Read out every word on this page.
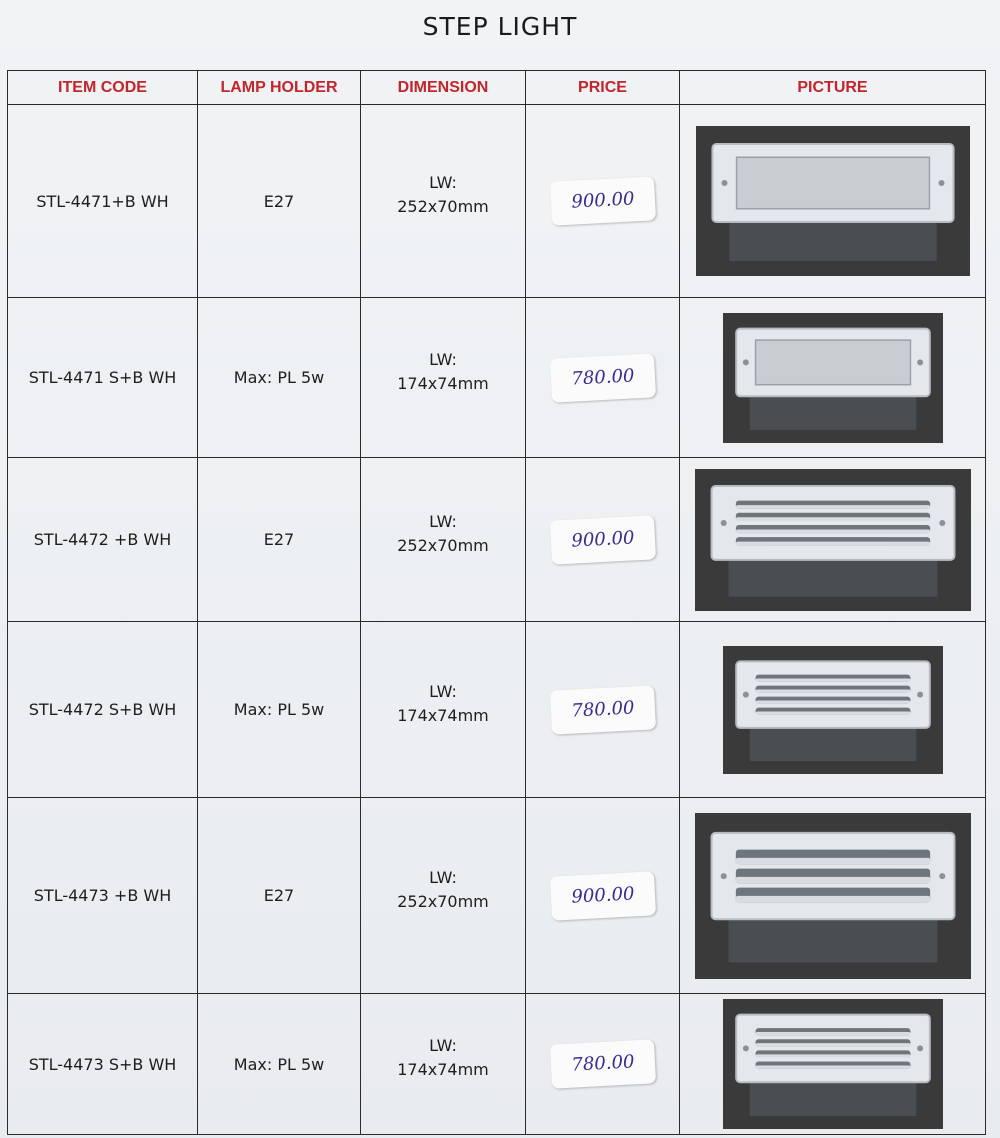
STEP LIGHT
ITEM CODE	LAMP HOLDER	DIMENSION	PRICE	PICTURE
STL-4471+B WH	E27	LW:
252x70mm	900.00	

STL-4471 S+B WH	Max: PL 5w	LW:
174x74mm	780.00	

STL-4472 +B WH	E27	LW:
252x70mm	900.00	

STL-4472 S+B WH	Max: PL 5w	LW:
174x74mm	780.00	

STL-4473 +B WH	E27	LW:
252x70mm	900.00	

STL-4473 S+B WH	Max: PL 5w	LW:
174x74mm	780.00	
